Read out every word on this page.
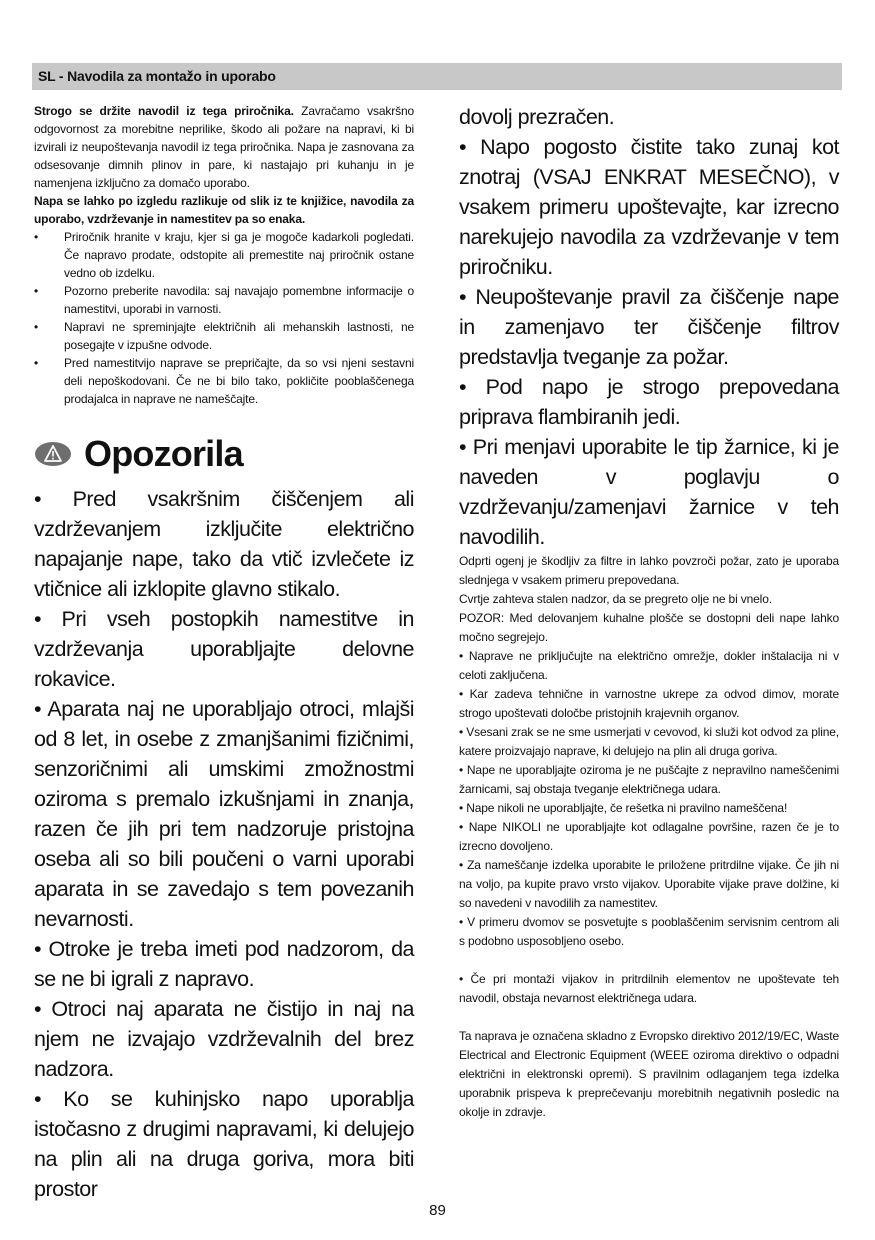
SL - Navodila za montažo in uporabo

Strogo se držite navodil iz tega priročnika. Zavračamo vsakršno odgovornost za morebitne neprilike, škodo ali požare na napravi, ki bi izvirali iz neupoštevanja navodil iz tega priročnika. Napa je zasnovana za odsesovanje dimnih plinov in pare, ki nastajajo pri kuhanju in je namenjena izključno za domačo uporabo.

Napa se lahko po izgledu razlikuje od slik iz te knjižice, navodila za uporabo, vzdrževanje in namestitev pa so enaka.

• Priročnik hranite v kraju, kjer si ga je mogoče kadarkoli pogledati. Če napravo prodate, odstopite ali premestite naj priročnik ostane vedno ob izdelku.
• Pozorno preberite navodila: saj navajajo pomembne informacije o namestitvi, uporabi in varnosti.
• Napravi ne spreminjajte električnih ali mehanskih lastnosti, ne posegajte v izpušne odvode.
• Pred namestitvijo naprave se prepričajte, da so vsi njeni sestavni deli nepoškodovani. Če ne bi bilo tako, pokličite pooblaščenega prodajalca in naprave ne nameščajte.
Opozorila

• Pred vsakršnim čiščenjem ali vzdrževanjem izključite električno napajanje nape, tako da vtič izvlečete iz vtičnice ali izklopite glavno stikalo.

• Pri vseh postopkih namestitve in vzdrževanja uporabljajte delovne rokavice.

• Aparata naj ne uporabljajo otroci, mlajši od 8 let, in osebe z zmanjšanimi fizičnimi, senzoričnimi ali umskimi zmožnostmi oziroma s premalo izkušnjami in znanja, razen če jih pri tem nadzoruje pristojna oseba ali so bili poučeni o varni uporabi aparata in se zavedajo s tem povezanih nevarnosti.

• Otroke je treba imeti pod nadzorom, da se ne bi igrali z napravo.

• Otroci naj aparata ne čistijo in naj na njem ne izvajajo vzdrževalnih del brez nadzora.

• Ko se kuhinjsko napo uporablja istočasno z drugimi napravami, ki delujejo na plin ali na druga goriva, mora biti prostor

dovolj prezračen.

• Napo pogosto čistite tako zunaj kot znotraj (VSAJ ENKRAT MESEČNO), v vsakem primeru upoštevajte, kar izrecno narekujejo navodila za vzdrževanje v tem priročniku.

• Neupoštevanje pravil za čiščenje nape in zamenjavo ter čiščenje filtrov predstavlja tveganje za požar.

• Pod napo je strogo prepovedana priprava flambiranih jedi.

• Pri menjavi uporabite le tip žarnice, ki je naveden v poglavju o vzdrževanju/zamenjavi žarnice v teh navodilih.

Odprti ogenj je škodljiv za filtre in lahko povzroči požar, zato je uporaba slednjega v vsakem primeru prepovedana.

Cvrtje zahteva stalen nadzor, da se pregreto olje ne bi vnelo.

POZOR: Med delovanjem kuhalne plošče se dostopni deli nape lahko močno segrejejo.

• Naprave ne priključujte na električno omrežje, dokler inštalacija ni v celoti zaključena.

• Kar zadeva tehnične in varnostne ukrepe za odvod dimov, morate strogo upoštevati določbe pristojnih krajevnih organov.

• Vsesani zrak se ne sme usmerjati v cevovod, ki služi kot odvod za pline, katere proizvajajo naprave, ki delujejo na plin ali druga goriva.

• Nape ne uporabljajte oziroma je ne puščajte z nepravilno nameščenimi žarnicami, saj obstaja tveganje električnega udara.

• Nape nikoli ne uporabljajte, če rešetka ni pravilno nameščena!

• Nape NIKOLI ne uporabljajte kot odlagalne površine, razen če je to izrecno dovoljeno.

• Za nameščanje izdelka uporabite le priložene pritrdilne vijake. Če jih ni na voljo, pa kupite pravo vrsto vijakov. Uporabite vijake prave dolžine, ki so navedeni v navodilih za namestitev.

• V primeru dvomov se posvetujte s pooblaščenim servisnim centrom ali s podobno usposobljeno osebo.

• Če pri montaži vijakov in pritrdilnih elementov ne upoštevate teh navodil, obstaja nevarnost električnega udara.

Ta naprava je označena skladno z Evropsko direktivo 2012/19/EC, Waste Electrical and Electronic Equipment (WEEE oziroma direktivo o odpadni električni in elektronski opremi). S pravilnim odlaganjem tega izdelka uporabnik prispeva k preprečevanju morebitnih negativnih posledic na okolje in zdravje.

89
